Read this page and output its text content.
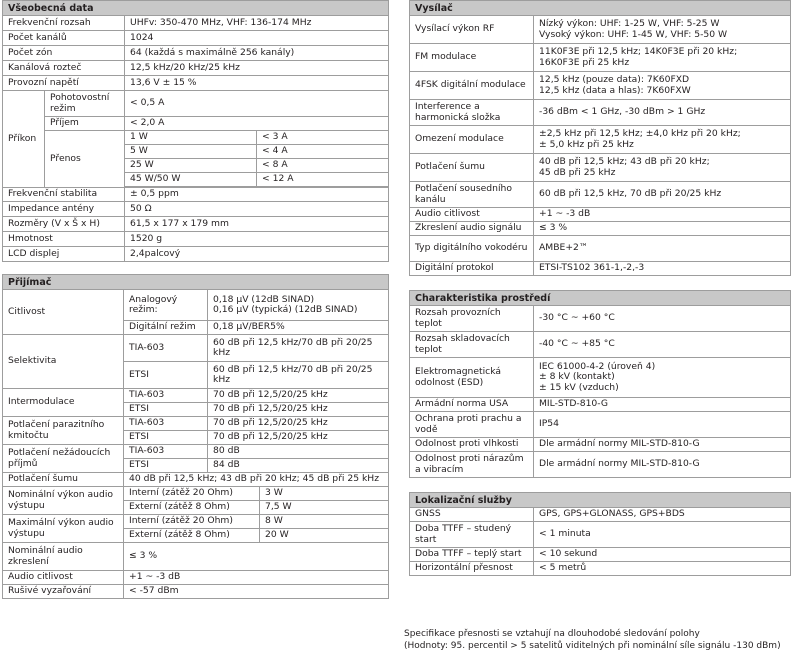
Všeobecná data			
Frekvenční rozsah		UHFv: 350-470 MHz, VHF: 136-174 MHz	
Počet kanálů		1024	
Počet zón		64 (každá s maximálně 256 kanály)	
Kanálová rozteč		12,5 kHz/20 kHz/25 kHz	
Provozní napětí		13,6 V ± 15 %	
Příkon	Pohotovostní režim	< 0,5 A	
	Příjem	< 2,0 A	
	Přenos	1 W	< 3 A
		5 W	< 4 A
		25 W	< 8 A
		45 W/50 W	< 12 A

Frekvenční stabilita		± 0,5 ppm	
Impedance antény		50 Ω	
Rozměry (V x Š x H)		61,5 x 177 x 179 mm	
Hmotnost		1520 g	
LCD displej		2,4palcový	
Přijímač			
Citlivost	Analogový režim:	0,18 μV (12dB SINAD)
0,16 μV (typická) (12dB SINAD)	

	Digitální režim	0,18 μV/BER5%	
Selektivita	TIA-603	60 dB při 12,5 kHz/70 dB při 20/25 kHz	
	ETSI	60 dB při 12,5 kHz/70 dB při 20/25 kHz	
Intermodulace	TIA-603	70 dB při 12,5/20/25 kHz	
	ETSI	70 dB při 12,5/20/25 kHz	
Potlačení parazitního kmitočtu	TIA-603	70 dB při 12,5/20/25 kHz	
	ETSI	70 dB při 12,5/20/25 kHz	
Potlačení nežádoucích příjmů	TIA-603	80 dB	
	ETSI	84 dB	
Potlačení šumu	40 dB při 12,5 kHz; 43 dB při 20 kHz; 45 dB při 25 kHz		
Nominální výkon audio výstupu	Interní (zátěž 20 Ohm)		3 W
	Externí (zátěž 8 Ohm)		7,5 W
Maximální výkon audio výstupu	Interní (zátěž 20 Ohm)		8 W
	Externí (zátěž 8 Ohm)		20 W
Nominální audio zkreslení	≤ 3 %		
Audio citlivost	+1 ~ -3 dB		
Rušivé vyzařování	< -57 dBm		
Vysílač	
Vysílací výkon RF	Nízký výkon: UHF: 1-25 W, VHF: 5-25 W
Vysoký výkon: UHF: 1-45 W, VHF: 5-50 W

FM modulace	11K0F3E při 12,5 kHz; 14K0F3E při 20 kHz;
16K0F3E při 25 kHz

4FSK digitální modulace	12,5 kHz (pouze data): 7K60FXD
12,5 kHz (data a hlas): 7K60FXW

Interference a harmonická složka	-36 dBm < 1 GHz, -30 dBm > 1 GHz
Omezení modulace	±2,5 kHz při 12,5 kHz; ±4,0 kHz při 20 kHz;
± 5,0 kHz při 25 kHz

Potlačení šumu	40 dB při 12,5 kHz; 43 dB při 20 kHz;
45 dB při 25 kHz

Potlačení sousedního kanálu	60 dB při 12,5 kHz, 70 dB při 20/25 kHz
Audio citlivost	+1 ~ -3 dB
Zkreslení audio signálu	≤ 3 %
Typ digitálního vokodéru	AMBE+2™
Digitální protokol	ETSI-TS102 361-1,-2,-3
Charakteristika prostředí	
Rozsah provozních teplot	-30 °C ~ +60 °C
Rozsah skladovacích teplot	-40 °C ~ +85 °C
Elektromagnetická odolnost (ESD)	IEC 61000-4-2 (úroveň 4)
± 8 kV (kontakt)
± 15 kV (vzduch)

Armádní norma USA	MIL-STD-810-G
Ochrana proti prachu a vodě	IP54
Odolnost proti vlhkosti	Dle armádní normy MIL-STD-810-G
Odolnost proti nárazům a vibracím	Dle armádní normy MIL-STD-810-G
Lokalizační služby	
GNSS	GPS, GPS+GLONASS, GPS+BDS
Doba TTFF – studený start	< 1 minuta
Doba TTFF – teplý start	< 10 sekund
Horizontální přesnost	< 5 metrů
Specifikace přesnosti se vztahují na dlouhodobé sledování polohy
(Hodnoty: 95. percentil > 5 satelitů viditelných při nominální síle signálu -130 dBm)
